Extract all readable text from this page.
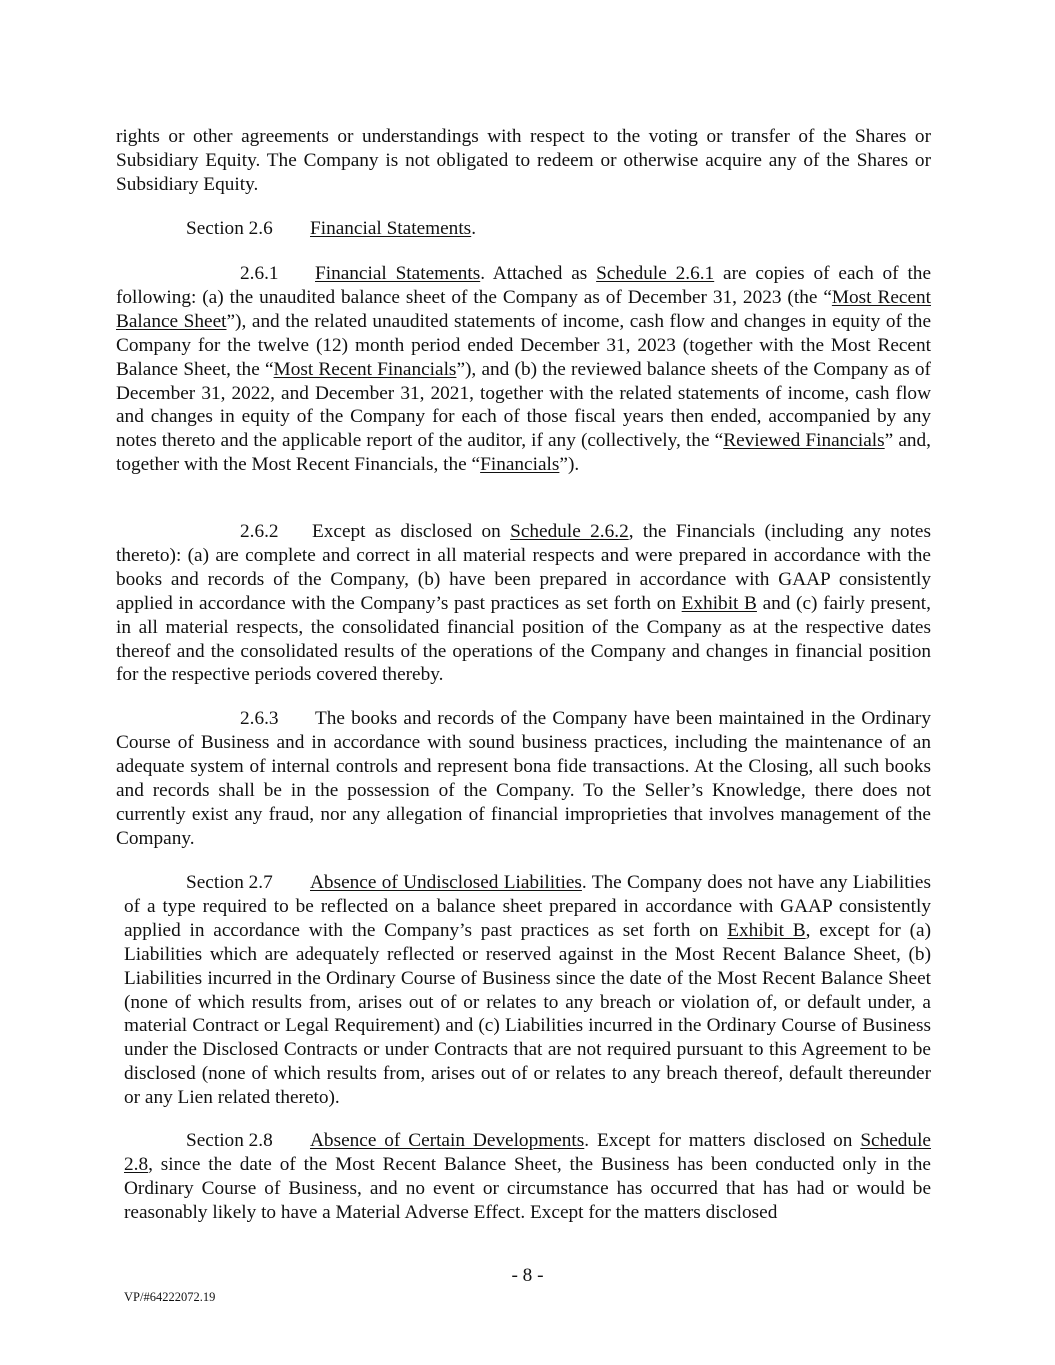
rights or other agreements or understandings with respect to the voting or transfer of the Shares or Subsidiary Equity. The Company is not obligated to redeem or otherwise acquire any of the Shares or Subsidiary Equity.

Section 2.6 Financial Statements.

2.6.1 Financial Statements. Attached as Schedule 2.6.1 are copies of each of the following: (a) the unaudited balance sheet of the Company as of December 31, 2023 (the “Most Recent Balance Sheet”), and the related unaudited statements of income, cash flow and changes in equity of the Company for the twelve (12) month period ended December 31, 2023 (together with the Most Recent Balance Sheet, the “Most Recent Financials”), and (b) the reviewed balance sheets of the Company as of December 31, 2022, and December 31, 2021, together with the related statements of income, cash flow and changes in equity of the Company for each of those fiscal years then ended, accompanied by any notes thereto and the applicable report of the auditor, if any (collectively, the “Reviewed Financials” and, together with the Most Recent Financials, the “Financials”).

2.6.2 Except as disclosed on Schedule 2.6.2, the Financials (including any notes thereto): (a) are complete and correct in all material respects and were prepared in accordance with the books and records of the Company, (b) have been prepared in accordance with GAAP consistently applied in accordance with the Company’s past practices as set forth on Exhibit B and (c) fairly present, in all material respects, the consolidated financial position of the Company as at the respective dates thereof and the consolidated results of the operations of the Company and changes in financial position for the respective periods covered thereby.

2.6.3 The books and records of the Company have been maintained in the Ordinary Course of Business and in accordance with sound business practices, including the maintenance of an adequate system of internal controls and represent bona fide transactions. At the Closing, all such books and records shall be in the possession of the Company. To the Seller’s Knowledge, there does not currently exist any fraud, nor any allegation of financial improprieties that involves management of the Company.

Section 2.7 Absence of Undisclosed Liabilities. The Company does not have any Liabilities of a type required to be reflected on a balance sheet prepared in accordance with GAAP consistently applied in accordance with the Company’s past practices as set forth on Exhibit B, except for (a) Liabilities which are adequately reflected or reserved against in the Most Recent Balance Sheet, (b) Liabilities incurred in the Ordinary Course of Business since the date of the Most Recent Balance Sheet (none of which results from, arises out of or relates to any breach or violation of, or default under, a material Contract or Legal Requirement) and (c) Liabilities incurred in the Ordinary Course of Business under the Disclosed Contracts or under Contracts that are not required pursuant to this Agreement to be disclosed (none of which results from, arises out of or relates to any breach thereof, default thereunder or any Lien related thereto).

Section 2.8 Absence of Certain Developments. Except for matters disclosed on Schedule 2.8, since the date of the Most Recent Balance Sheet, the Business has been conducted only in the Ordinary Course of Business, and no event or circumstance has occurred that has had or would be reasonably likely to have a Material Adverse Effect. Except for the matters disclosed

- 8 -
VP/#64222072.19
